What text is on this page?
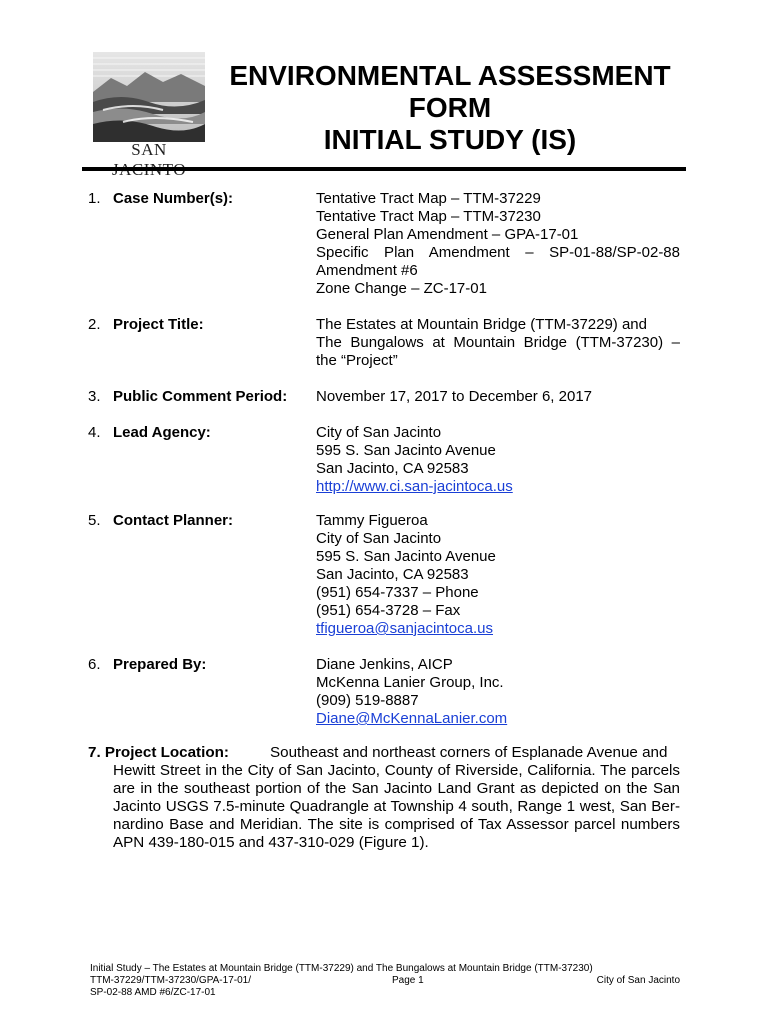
SAN
ENVIRONMENTAL ASSESSMENT
FORM
INITIAL STUDY (IS)
1. Case Number(s):	Tentative Tract Map – TTM-37229
Tentative Tract Map – TTM-37230
General Plan Amendment – GPA-17-01
Specific Plan Amendment – SP-01-88/SP-02-88
Amendment #6
Zone Change – ZC-17-01
2. Project Title:	The Estates at Mountain Bridge (TTM-37229) and
The Bungalows at Mountain Bridge (TTM-37230) –
the “Project”
3. Public Comment Period: November 17, 2017 to December 6, 2017
4. Lead Agency:	City of San Jacinto
595 S. San Jacinto Avenue
San Jacinto, CA 92583
http://www.ci.san-jacintoca.us
5. Contact Planner:	Tammy Figueroa
City of San Jacinto
595 S. San Jacinto Avenue
San Jacinto, CA 92583
(951) 654-7337 – Phone
(951) 654-3728 – Fax
tfigueroa@sanjacintoca.us
6. Prepared By:	Diane Jenkins, AICP
McKenna Lanier Group, Inc.
(909) 519-8887
Diane@McKennaLanier.com
7. Project Location:	Southeast and northeast corners of Esplanade Avenue and
Hewitt Street in the City of San Jacinto, County of Riverside, California. The parcels are in the southeast portion of the San Jacinto Land Grant as depicted on the San Jacinto USGS 7.5-minute Quadrangle at Township 4 south, Range 1 west, San Ber-nardino Base and Meridian. The site is comprised of Tax Assessor parcel numbers APN 439-180-015 and 437-310-029 (Figure 1).
Initial Study – The Estates at Mountain Bridge (TTM-37229) and The Bungalows at Mountain Bridge (TTM-37230)
TTM-37229/TTM-37230/GPA-17-01/	Page 1	City of San Jacinto
SP-02-88 AMD #6/ZC-17-01
